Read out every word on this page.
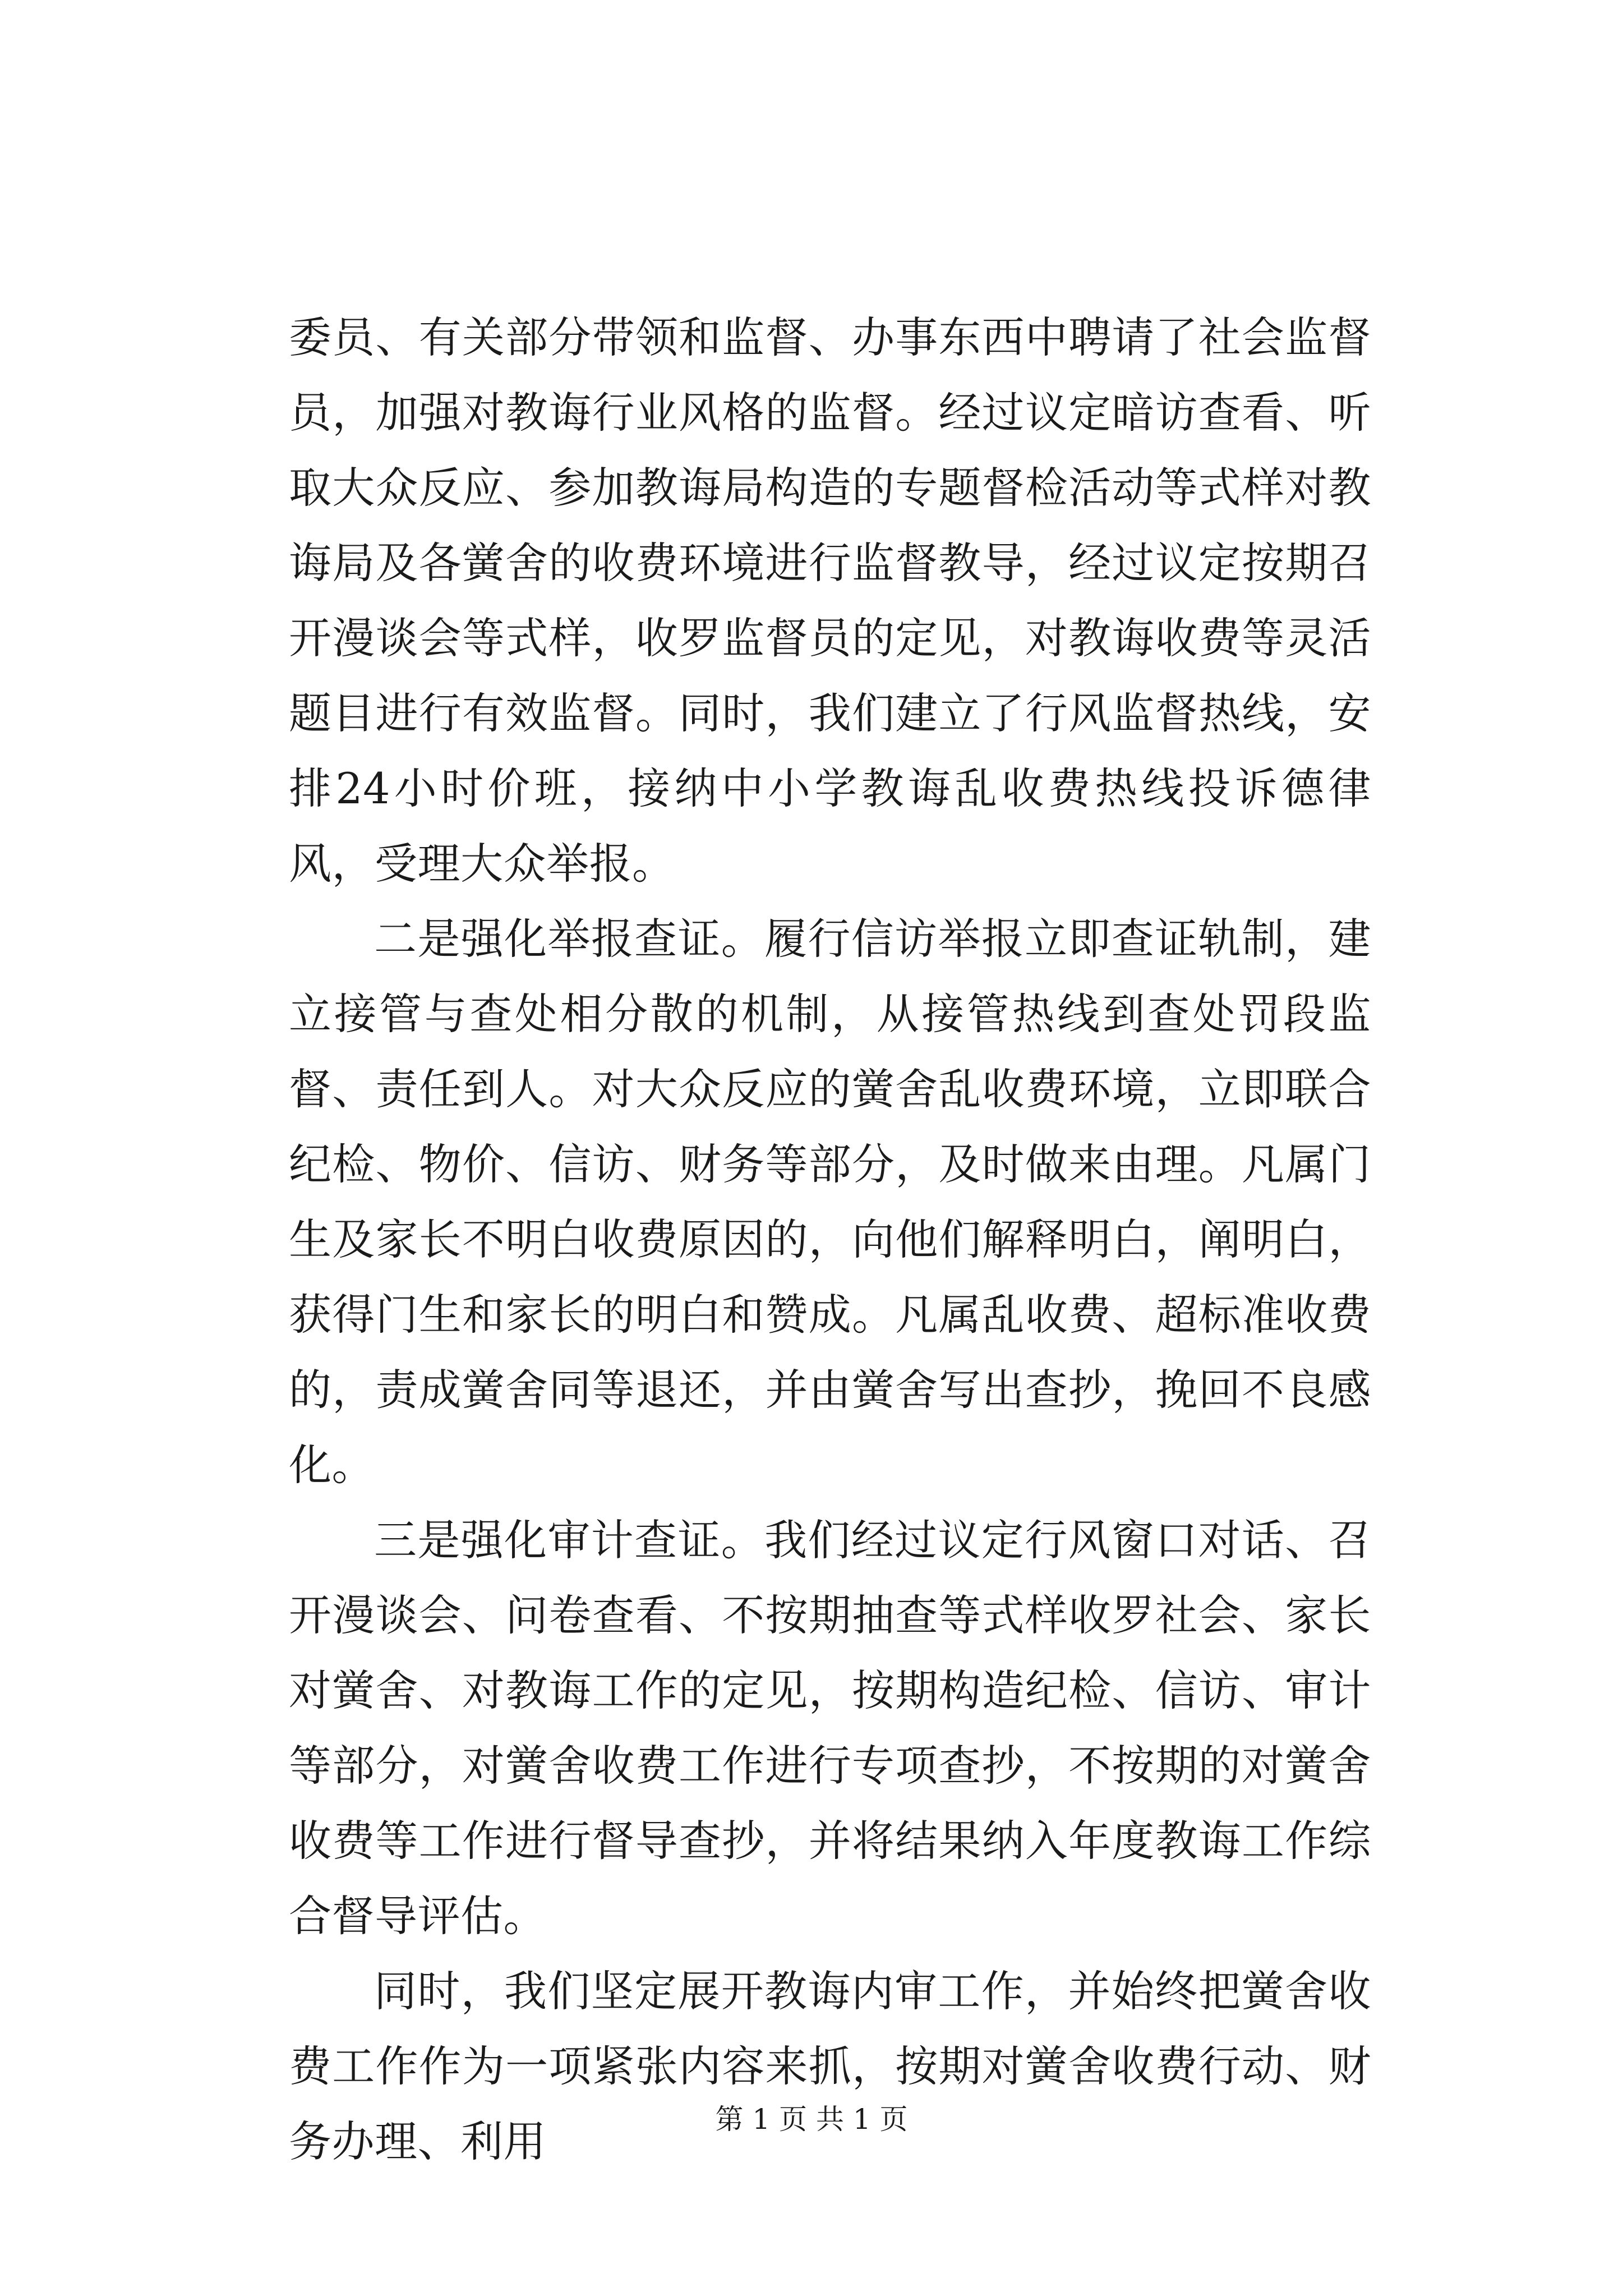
委员、有关部分带领和监督、办事东西中聘请了社会监督员，加强对教诲行业风格的监督。经过议定暗访查看、听取大众反应、参加教诲局构造的专题督检活动等式样对教诲局及各黉舍的收费环境进行监督教导，经过议定按期召开漫谈会等式样，收罗监督员的定见，对教诲收费等灵活题目进行有效监督。同时，我们建立了行风监督热线，安排24小时价班，接纳中小学教诲乱收费热线投诉德律风，受理大众举报。

二是强化举报查证。履行信访举报立即查证轨制，建立接管与查处相分散的机制，从接管热线到查处罚段监督、责任到人。对大众反应的黉舍乱收费环境，立即联合纪检、物价、信访、财务等部分，及时做来由理。凡属门生及家长不明白收费原因的，向他们解释明白，阐明白，获得门生和家长的明白和赞成。凡属乱收费、超标准收费的，责成黉舍同等退还，并由黉舍写出查抄，挽回不良感化。

三是强化审计查证。我们经过议定行风窗口对话、召开漫谈会、问卷查看、不按期抽查等式样收罗社会、家长对黉舍、对教诲工作的定见，按期构造纪检、信访、审计等部分，对黉舍收费工作进行专项查抄，不按期的对黉舍收费等工作进行督导查抄，并将结果纳入年度教诲工作综合督导评估。

同时，我们坚定展开教诲内审工作，并始终把黉舍收费工作作为一项紧张内容来抓，按期对黉舍收费行动、财务办理、利用	第 1 页 共 1 页
